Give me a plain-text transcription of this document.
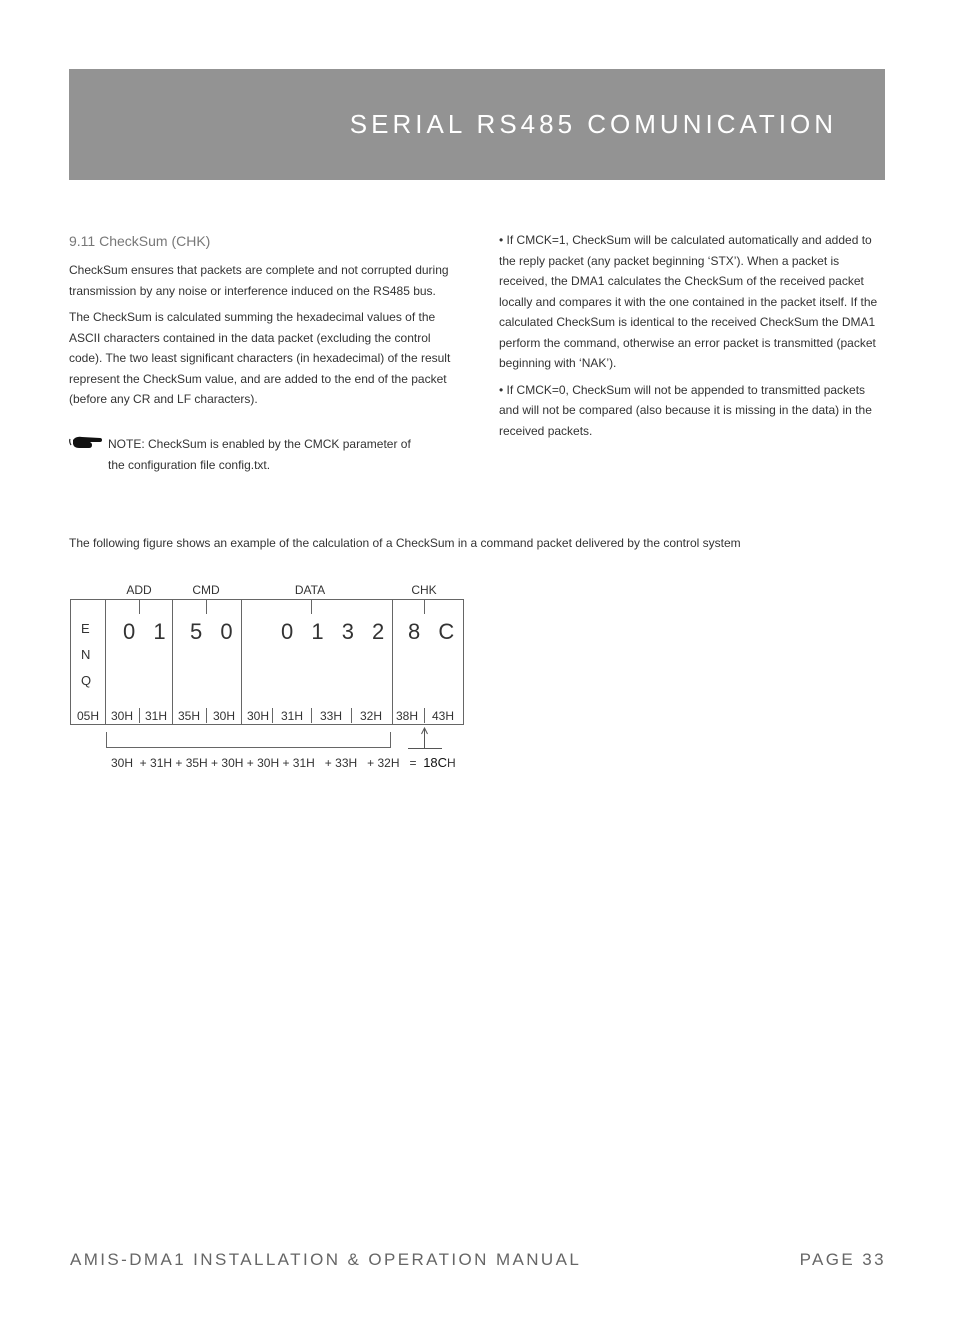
SERIAL RS485 COMUNICATION
9.11 CheckSum (CHK)

CheckSum ensures that packets are complete and not corrupted during transmission by any noise or interference induced on the RS485 bus.

The CheckSum is calculated summing the hexadecimal values of the ASCII characters contained in the data packet (excluding the control code). The two least significant characters (in hexadecimal) of the result represent the CheckSum value, and are added to the end of the packet (before any CR and LF characters).

NOTE: CheckSum is enabled by the CMCK parameter of the configuration file config.txt.

• If CMCK=1, CheckSum will be calculated automatically and added to the reply packet (any packet beginning ‘STX’). When a packet is received, the DMA1 calculates the CheckSum of the received packet locally and compares it with the one contained in the packet itself. If the calculated CheckSum is identical to the received CheckSum the DMA1 perform the command, otherwise an error packet is transmitted (packet beginning with ‘NAK’).

• If CMCK=0, CheckSum will not be appended to transmitted packets and will not be compared (also because it is missing in the data) in the received packets.

The following figure shows an example of the calculation of a CheckSum in a command packet delivered by the control system
ADD	CMD	DATA	CHK
E
N
Q
0 1 5 0 0 1 3 2 8 C
05H 30H 31H 35H 30H 30H 31H 33H 32H 38H 43H
30H  + 31H + 35H + 30H + 30H + 31H   + 33H   + 32H   =  18CH
AMIS-DMA1 INSTALLATION & OPERATION MANUAL	PAGE 33
